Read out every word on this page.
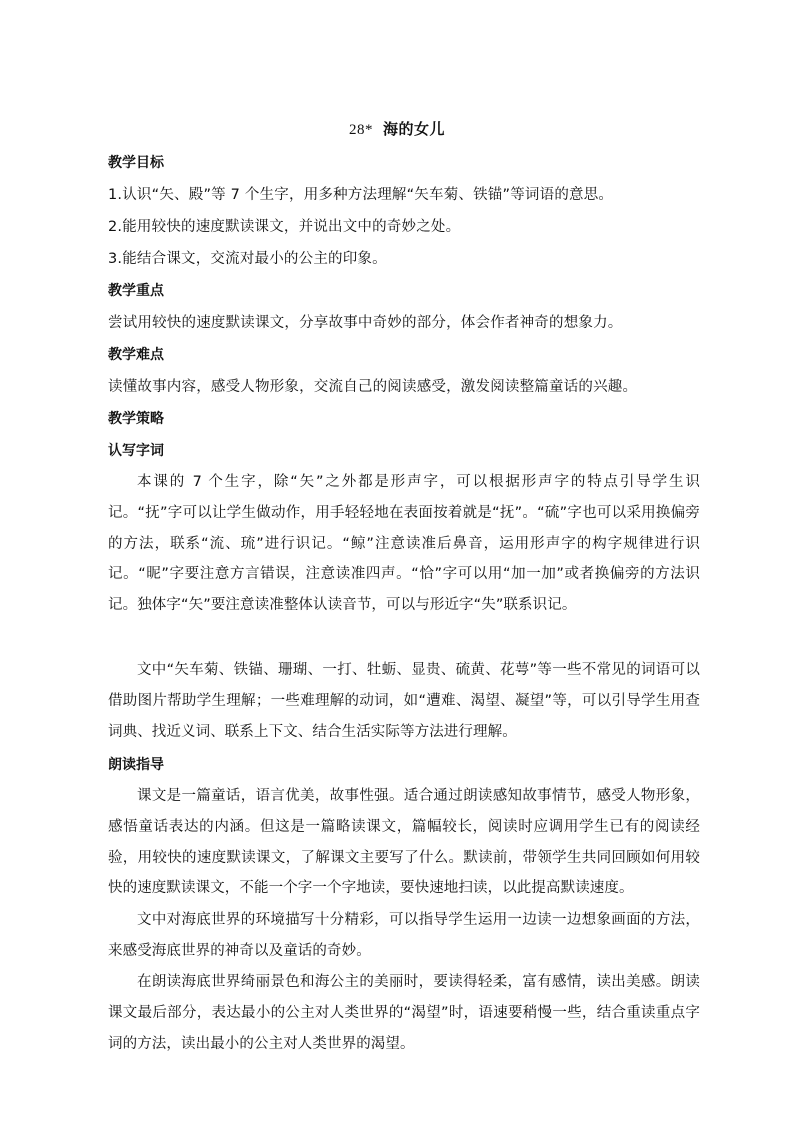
28* 海的女儿
教学目标
1.认识“矢、殿”等 7 个生字，用多种方法理解“矢车菊、铁锚”等词语的意思。
2.能用较快的速度默读课文，并说出文中的奇妙之处。
3.能结合课文，交流对最小的公主的印象。
教学重点
尝试用较快的速度默读课文，分享故事中奇妙的部分，体会作者神奇的想象力。
教学难点
读懂故事内容，感受人物形象，交流自己的阅读感受，激发阅读整篇童话的兴趣。
教学策略
认写字词

本课的 7 个生字，除“矢”之外都是形声字，可以根据形声字的特点引导学生识记。“抚”字可以让学生做动作，用手轻轻地在表面按着就是“抚”。“硫”字也可以采用换偏旁的方法，联系“流、琉”进行识记。“鲸”注意读准后鼻音，运用形声字的构字规律进行识记。“昵”字要注意方言错误，注意读准四声。“恰”字可以用“加一加”或者换偏旁的方法识记。独体字“矢”要注意读准整体认读音节，可以与形近字“失”联系识记。

文中“矢车菊、铁锚、珊瑚、一打、牡蛎、显贵、硫黄、花萼”等一些不常见的词语可以借助图片帮助学生理解；一些难理解的动词，如“遭难、渴望、凝望”等，可以引导学生用查词典、找近义词、联系上下文、结合生活实际等方法进行理解。

朗读指导

课文是一篇童话，语言优美，故事性强。适合通过朗读感知故事情节，感受人物形象，感悟童话表达的内涵。但这是一篇略读课文，篇幅较长，阅读时应调用学生已有的阅读经验，用较快的速度默读课文，了解课文主要写了什么。默读前，带领学生共同回顾如何用较快的速度默读课文，不能一个字一个字地读，要快速地扫读，以此提高默读速度。

文中对海底世界的环境描写十分精彩，可以指导学生运用一边读一边想象画面的方法，来感受海底世界的神奇以及童话的奇妙。

在朗读海底世界绮丽景色和海公主的美丽时，要读得轻柔，富有感情，读出美感。朗读课文最后部分，表达最小的公主对人类世界的“渴望”时，语速要稍慢一些，结合重读重点字词的方法，读出最小的公主对人类世界的渴望。
